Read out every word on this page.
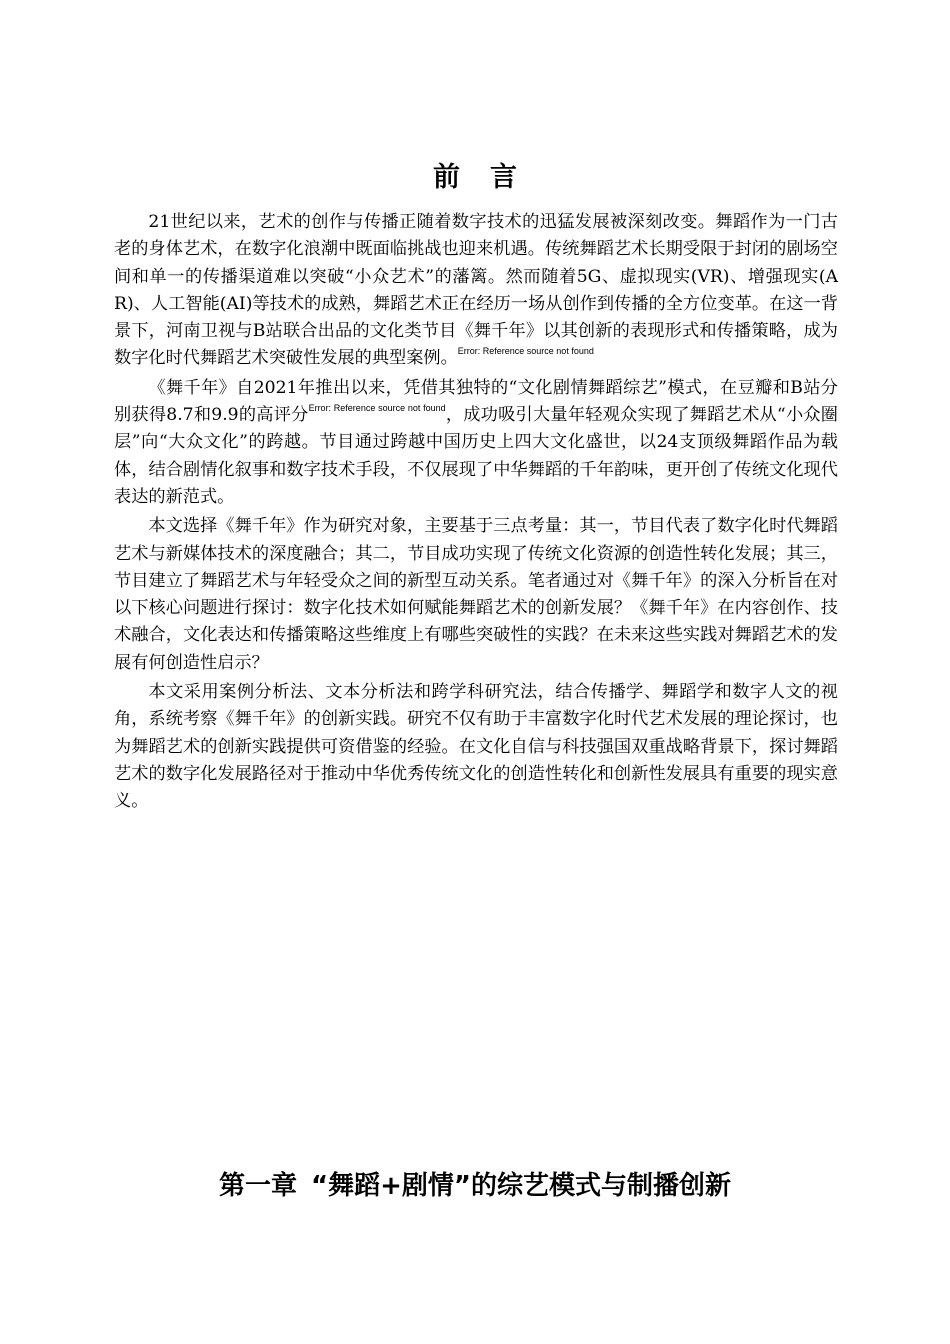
前 言

21世纪以来，艺术的创作与传播正随着数字技术的迅猛发展被深刻改变。舞蹈作为一门古老的身体艺术，在数字化浪潮中既面临挑战也迎来机遇。传统舞蹈艺术长期受限于封闭的剧场空间和单一的传播渠道难以突破“小众艺术”的藩篱。然而随着5G、虚拟现实(VR)、增强现实(AR)、人工智能(AI)等技术的成熟，舞蹈艺术正在经历一场从创作到传播的全方位变革。在这一背景下，河南卫视与B站联合出品的文化类节目《舞千年》以其创新的表现形式和传播策略，成为数字化时代舞蹈艺术突破性发展的典型案例。$^{Error: Reference source not found}$

《舞千年》自2021年推出以来，凭借其独特的“文化剧情舞蹈综艺”模式，在豆瓣和B站分别获得8.7和9.9的高评分$^{Error: Reference source not found}$，成功吸引大量年轻观众实现了舞蹈艺术从“小众圈层”向“大众文化”的跨越。节目通过跨越中国历史上四大文化盛世，以24支顶级舞蹈作品为载体，结合剧情化叙事和数字技术手段，不仅展现了中华舞蹈的千年韵味，更开创了传统文化现代表达的新范式。

本文选择《舞千年》作为研究对象，主要基于三点考量：其一，节目代表了数字化时代舞蹈艺术与新媒体技术的深度融合；其二，节目成功实现了传统文化资源的创造性转化发展；其三，节目建立了舞蹈艺术与年轻受众之间的新型互动关系。笔者通过对《舞千年》的深入分析旨在对以下核心问题进行探讨：数字化技术如何赋能舞蹈艺术的创新发展？《舞千年》在内容创作、技术融合，文化表达和传播策略这些维度上有哪些突破性的实践？在未来这些实践对舞蹈艺术的发展有何创造性启示？

本文采用案例分析法、文本分析法和跨学科研究法，结合传播学、舞蹈学和数字人文的视角，系统考察《舞千年》的创新实践。研究不仅有助于丰富数字化时代艺术发展的理论探讨，也为舞蹈艺术的创新实践提供可资借鉴的经验。在文化自信与科技强国双重战略背景下，探讨舞蹈艺术的数字化发展路径对于推动中华优秀传统文化的创造性转化和创新性发展具有重要的现实意义。

第一章 “舞蹈+剧情”的综艺模式与制播创新
